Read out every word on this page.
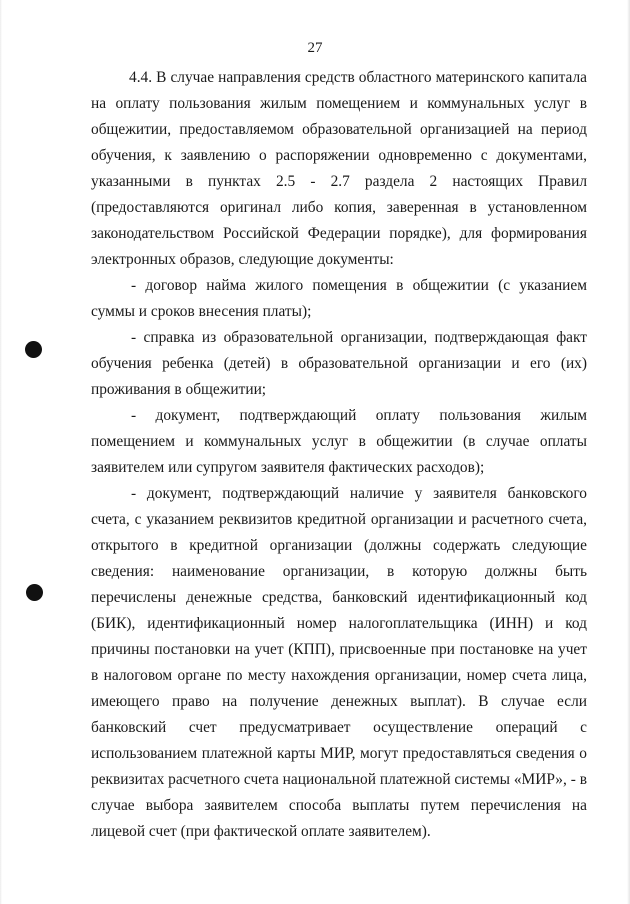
27

4.4. В случае направления средств областного материнского капитала на оплату пользования жилым помещением и коммунальных услуг в общежитии, предоставляемом образовательной организацией на период обучения, к заявлению о распоряжении одновременно с документами, указанными в пунктах 2.5 - 2.7 раздела 2 настоящих Правил (предоставляются оригинал либо копия, заверенная в установленном законодательством Российской Федерации порядке), для формирования электронных образов, следующие документы:

- договор найма жилого помещения в общежитии (с указанием суммы и сроков внесения платы);

- справка из образовательной организации, подтверждающая факт обучения ребенка (детей) в образовательной организации и его (их) проживания в общежитии;

- документ, подтверждающий оплату пользования жилым помещением и коммунальных услуг в общежитии (в случае оплаты заявителем или супругом заявителя фактических расходов);

- документ, подтверждающий наличие у заявителя банковского счета, с указанием реквизитов кредитной организации и расчетного счета, открытого в кредитной организации (должны содержать следующие сведения: наименование организации, в которую должны быть перечислены денежные средства, банковский идентификационный код (БИК), идентификационный номер налогоплательщика (ИНН) и код причины постановки на учет (КПП), присвоенные при постановке на учет в налоговом органе по месту нахождения организации, номер счета лица, имеющего право на получение денежных выплат). В случае если банковский счет предусматривает осуществление операций с использованием платежной карты МИР, могут предоставляться сведения о реквизитах расчетного счета национальной платежной системы «МИР», - в случае выбора заявителем способа выплаты путем перечисления на лицевой счет (при фактической оплате заявителем).
